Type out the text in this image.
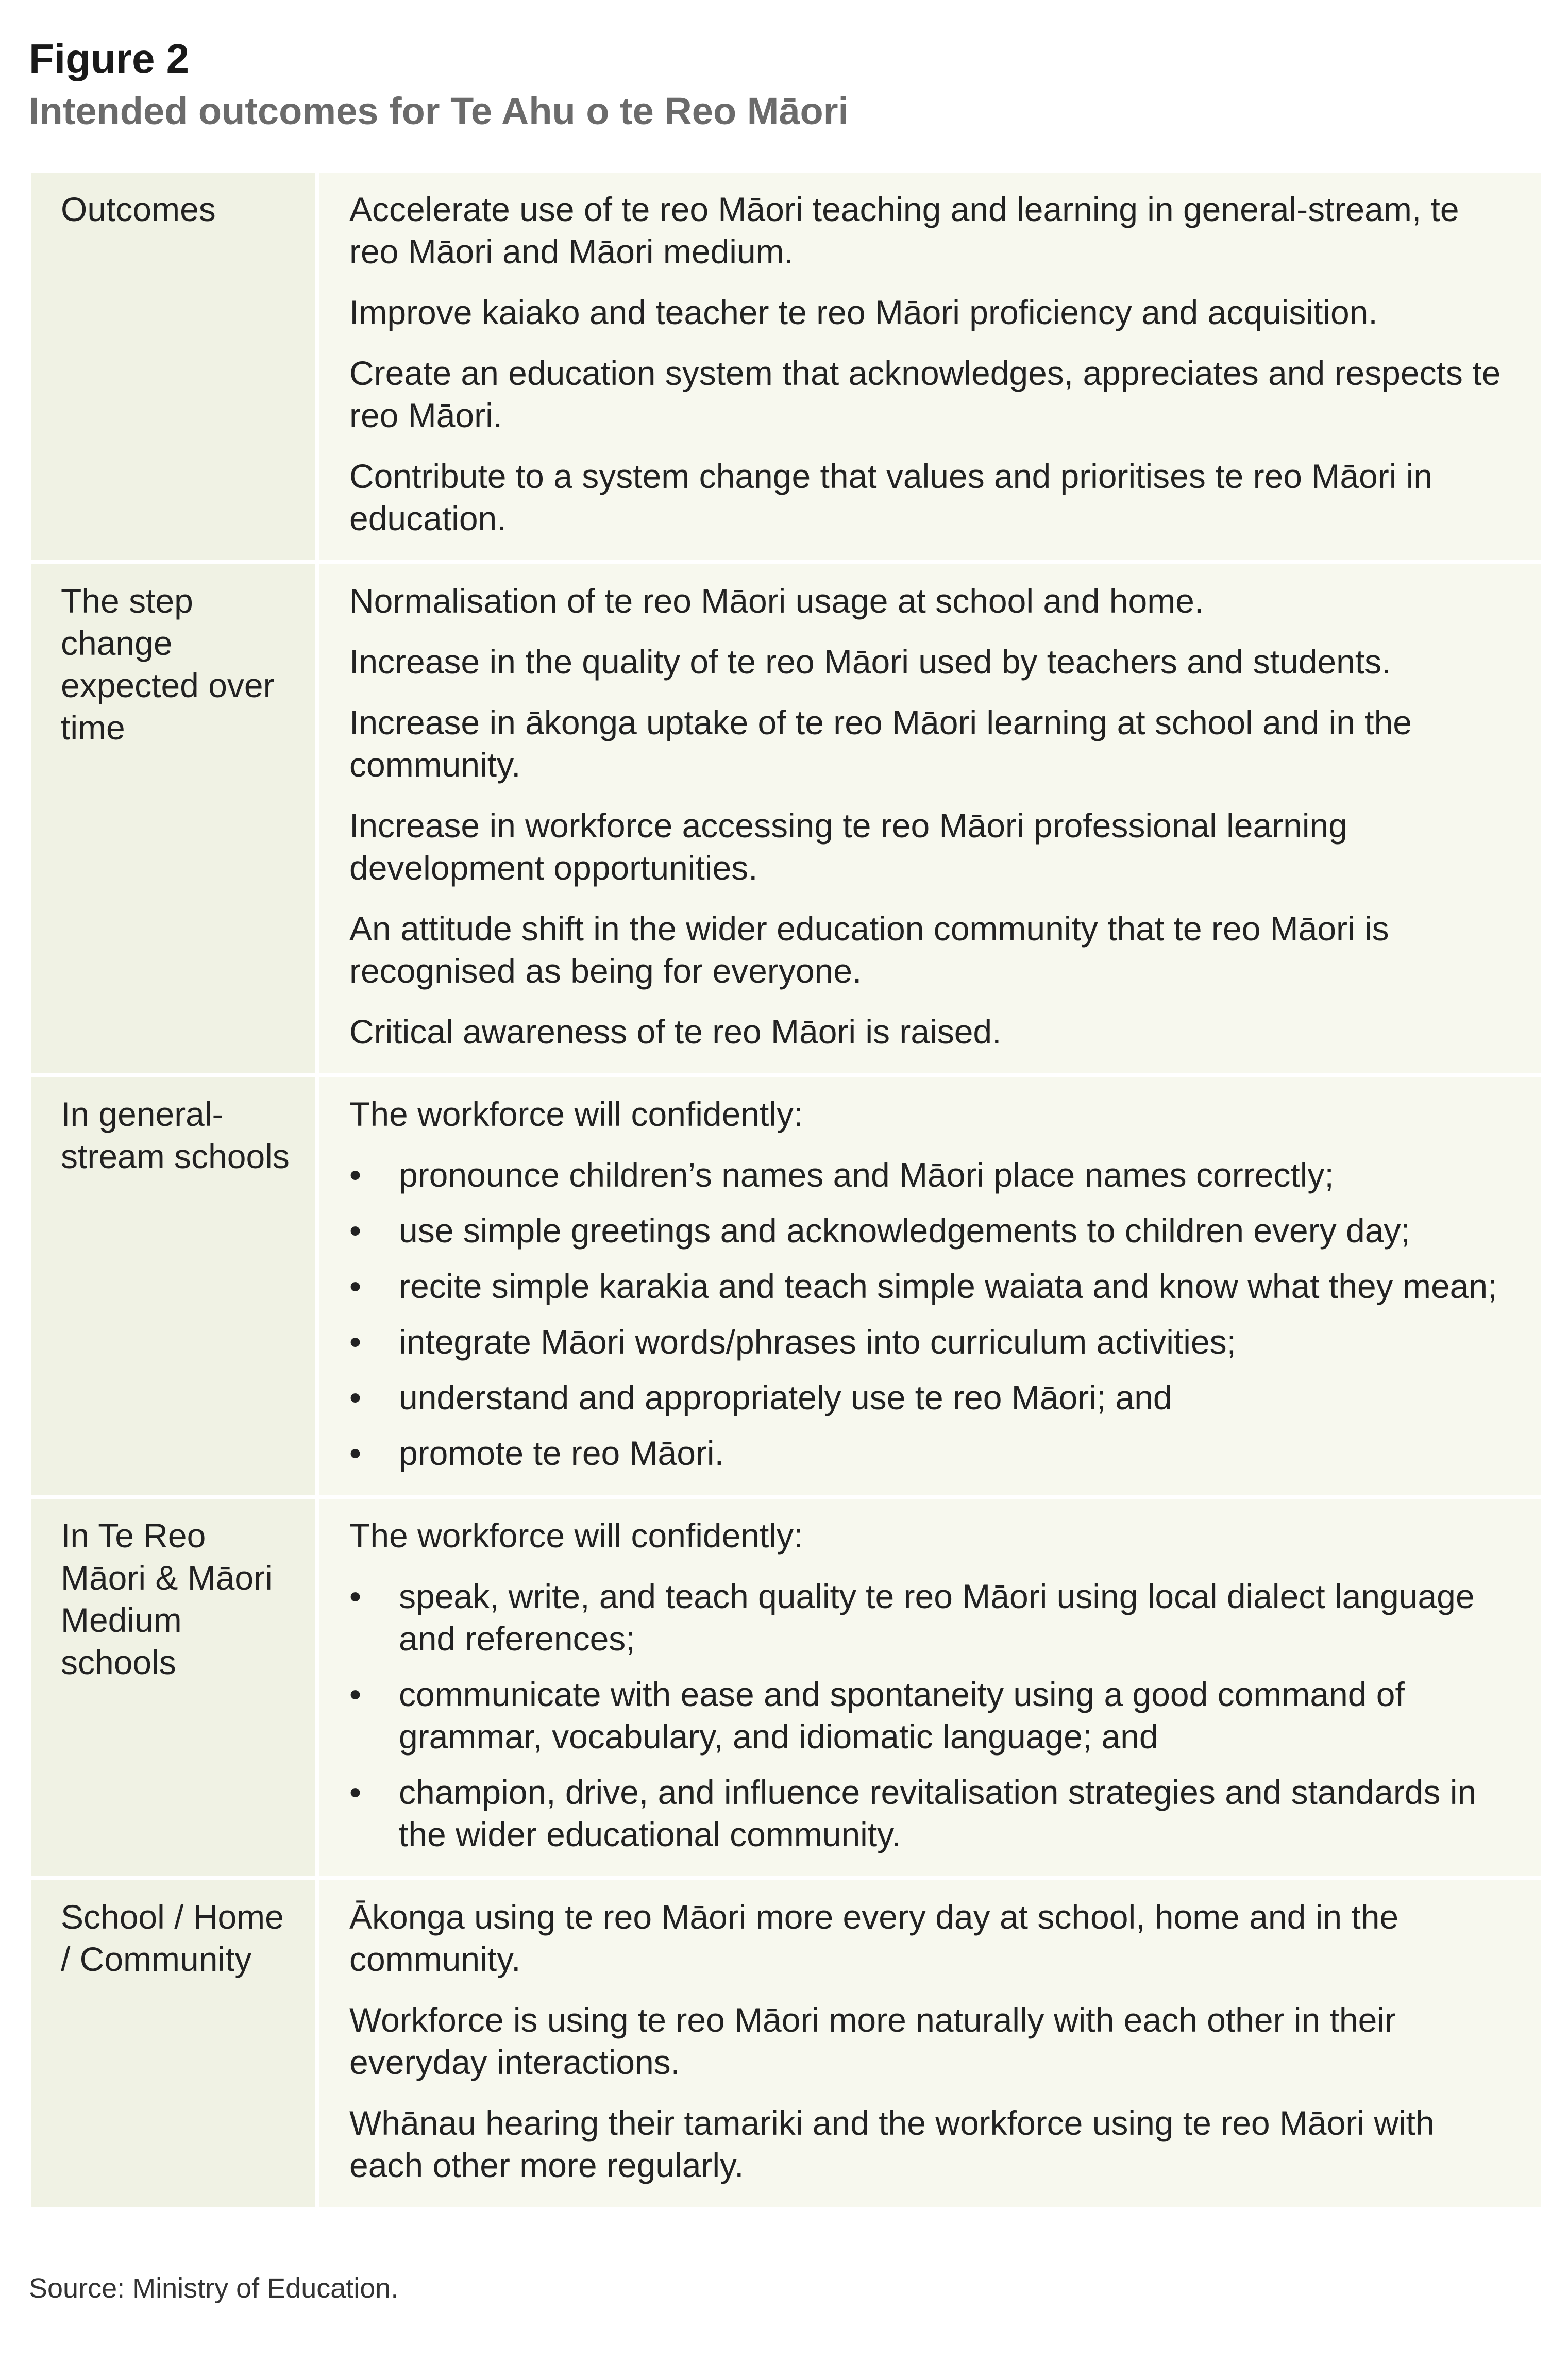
Figure 2
Intended outcomes for Te Ahu o te Reo Māori
Outcomes	Accelerate use of te reo Māori teaching and learning in general-stream, te reo Māori and Māori medium.

Improve kaiako and teacher te reo Māori proficiency and acquisition.

Create an education system that acknowledges, appreciates and respects te reo Māori.

Contribute to a system change that values and prioritises te reo Māori in education.

The step change expected over time

Normalisation of te reo Māori usage at school and home.

Increase in the quality of te reo Māori used by teachers and students.

Increase in ākonga uptake of te reo Māori learning at school and in the community.

Increase in workforce accessing te reo Māori professional learning development opportunities.

An attitude shift in the wider education community that te reo Māori is recognised as being for everyone.

Critical awareness of te reo Māori is raised.

In general-stream schools

The workforce will confidently:

• pronounce children’s names and Māori place names correctly;
• use simple greetings and acknowledgements to children every day;
• recite simple karakia and teach simple waiata and know what they mean;
• integrate Māori words/phrases into curriculum activities;
• understand and appropriately use te reo Māori; and
• promote te reo Māori.
In Te Reo Māori & Māori Medium schools

The workforce will confidently:

• speak, write, and teach quality te reo Māori using local dialect language and references;
• communicate with ease and spontaneity using a good command of grammar, vocabulary, and idiomatic language; and
• champion, drive, and influence revitalisation strategies and standards in the wider educational community.
School / Home / Community

Ākonga using te reo Māori more every day at school, home and in the community.

Workforce is using te reo Māori more naturally with each other in their everyday interactions.

Whānau hearing their tamariki and the workforce using te reo Māori with each other more regularly.

Source: Ministry of Education.
